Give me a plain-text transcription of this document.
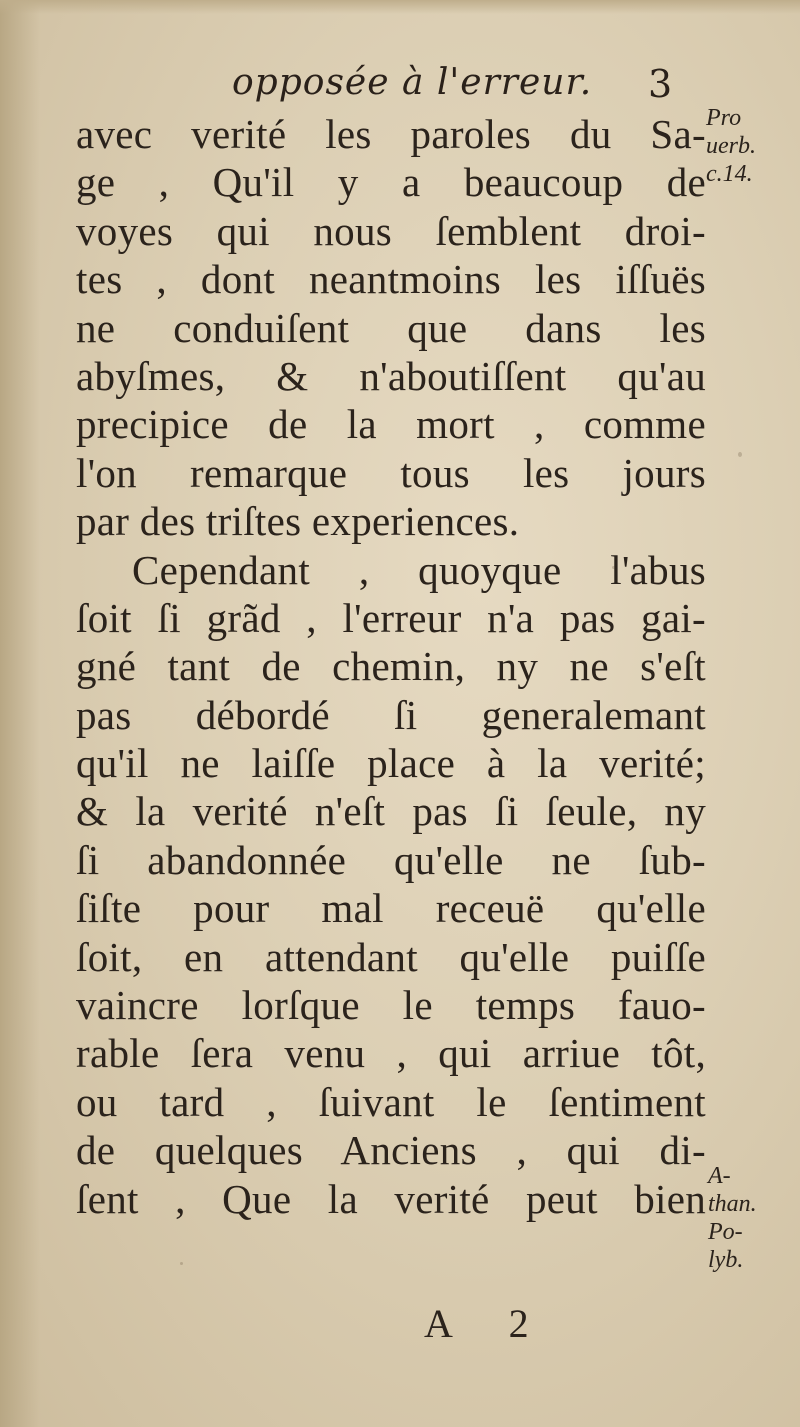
opposée à l'erreur. 3
avec verité les paroles du Sa-
ge , Qu'il y a beaucoup de
voyes qui nous ſemblent droi-
tes , dont neantmoins les iſſuës
ne conduiſent que dans les
abyſmes, & n'aboutiſſent qu'au
precipice de la mort , comme
l'on remarque tous les jours
par des triſtes experiences.
Cependant , quoyque l'abus
ſoit ſi grãd , l'erreur n'a pas gai-
gné tant de chemin, ny ne s'eſt
pas débordé ſi generalemant
qu'il ne laiſſe place à la verité;
& la verité n'eſt pas ſi ſeule, ny
ſi abandonnée qu'elle ne ſub-
ſiſte pour mal receuë qu'elle
ſoit, en attendant qu'elle puiſſe
vaincre lorſque le temps fauo-
rable ſera venu , qui arriue tôt,
ou tard , ſuivant le ſentiment
de quelques Anciens , qui di-
ſent , Que la verité peut bien
Pro
uerb.
c.14.
A-
than.
Po-
lyb.
A 2
